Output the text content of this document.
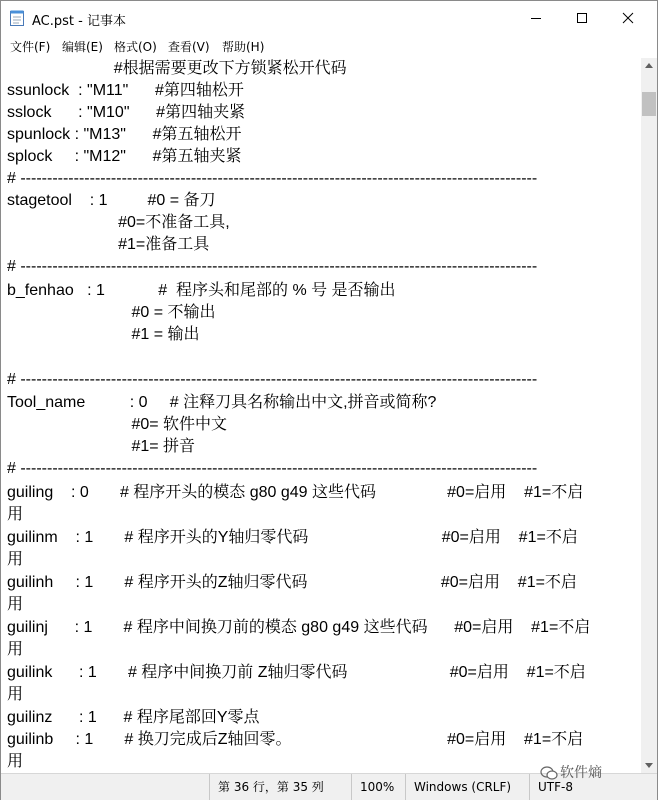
AC.pst - 记事本
文件(F) 编辑(E) 格式(O) 查看(V) 帮助(H)
#根据需要更改下方锁紧松开代码
ssunlock  : "M11"      #第四轴松开
sslock      : "M10"      #第四轴夹紧
spunlock : "M13"      #第五轴松开
splock     : "M12"      #第五轴夹紧
# -------------------------------------------------------------------------------------------------
stagetool    : 1         #0 = 备刀
#0=不准备工具,
#1=准备工具
# -------------------------------------------------------------------------------------------------
b_fenhao   : 1            #  程序头和尾部的 % 号 是否输出
#0 = 不输出
#1 = 输出
# -------------------------------------------------------------------------------------------------
Tool_name          : 0     # 注释刀具名称输出中文,拼音或简称?
#0= 软件中文
#1= 拼音
# -------------------------------------------------------------------------------------------------
guiling    : 0       # 程序开头的模态 g80 g49 这些代码                #0=启用    #1=不启
用
guilinm    : 1       # 程序开头的Y轴归零代码                              #0=启用    #1=不启
用
guilinh     : 1       # 程序开头的Z轴归零代码                              #0=启用    #1=不启
用
guilinj      : 1       # 程序中间换刀前的模态 g80 g49 这些代码      #0=启用    #1=不启
用
guilink      : 1       # 程序中间换刀前 Z轴归零代码                       #0=启用    #1=不启
用
guilinz      : 1      # 程序尾部回Y零点
guilinb     : 1       # 换刀完成后Z轴回零。                                   #0=启用    #1=不启
用
第 36 行，第 35 列	100%	Windows (CRLF)	UTF-8
软件熵
